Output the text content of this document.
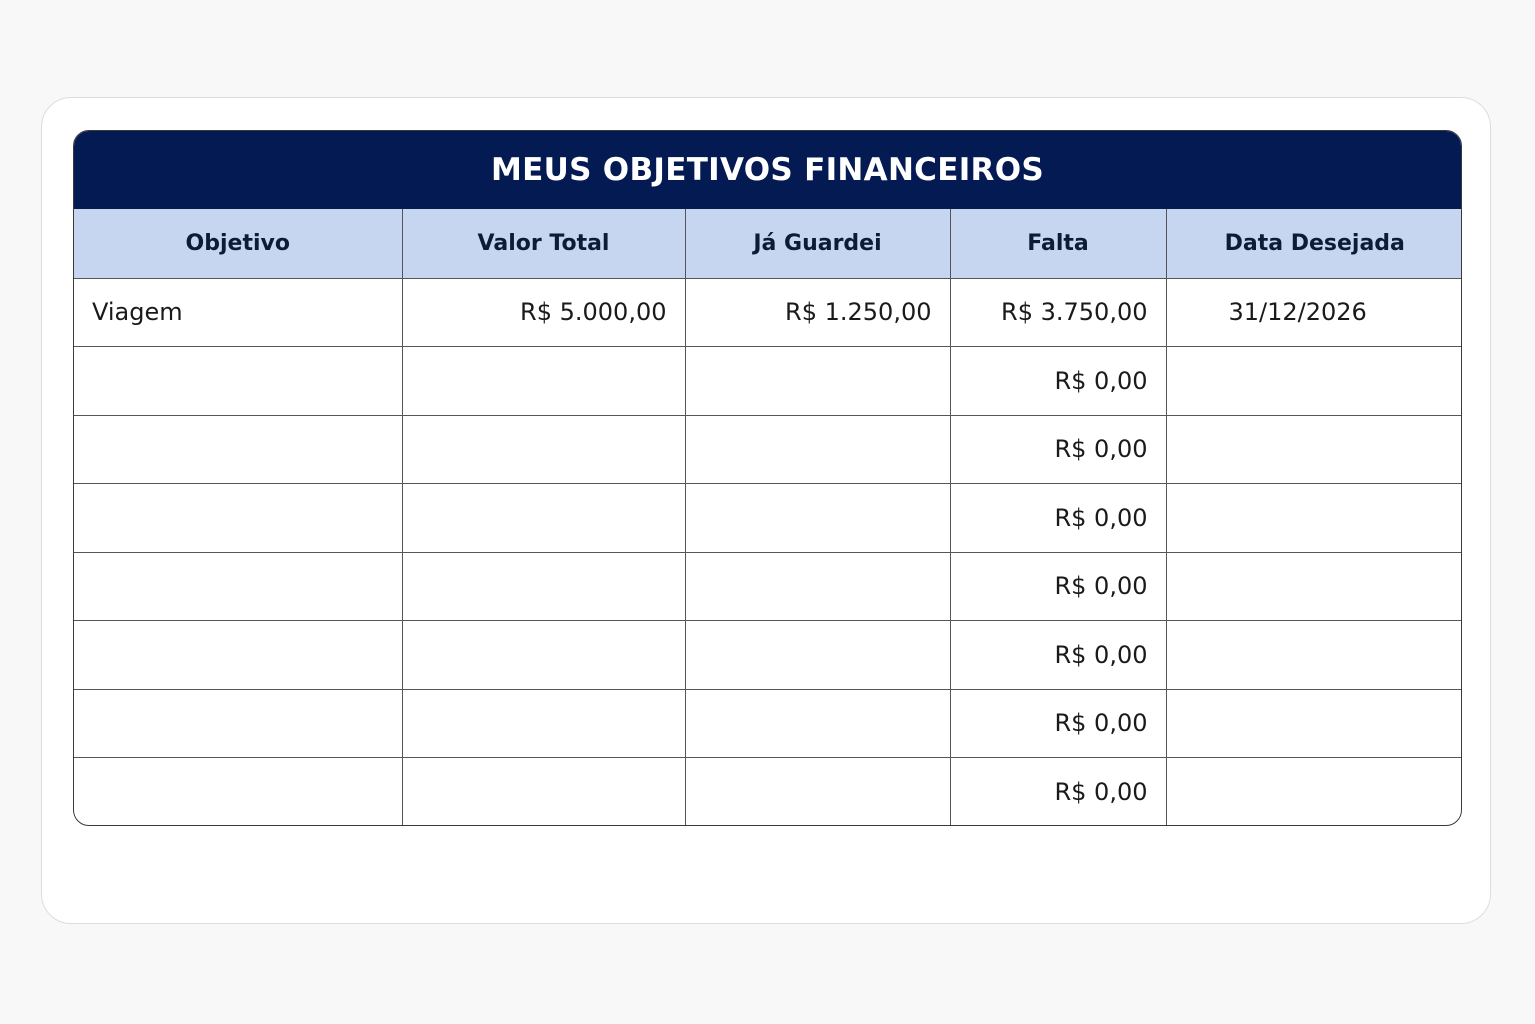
MEUS OBJETIVOS FINANCEIROS
Objetivo	Valor Total	Já Guardei	Falta	Data Desejada
Viagem	R$ 5.000,00	R$ 1.250,00	R$ 3.750,00	31/12/2026
			R$ 0,00	
			R$ 0,00	
			R$ 0,00	
			R$ 0,00	
			R$ 0,00	
			R$ 0,00	
			R$ 0,00	
